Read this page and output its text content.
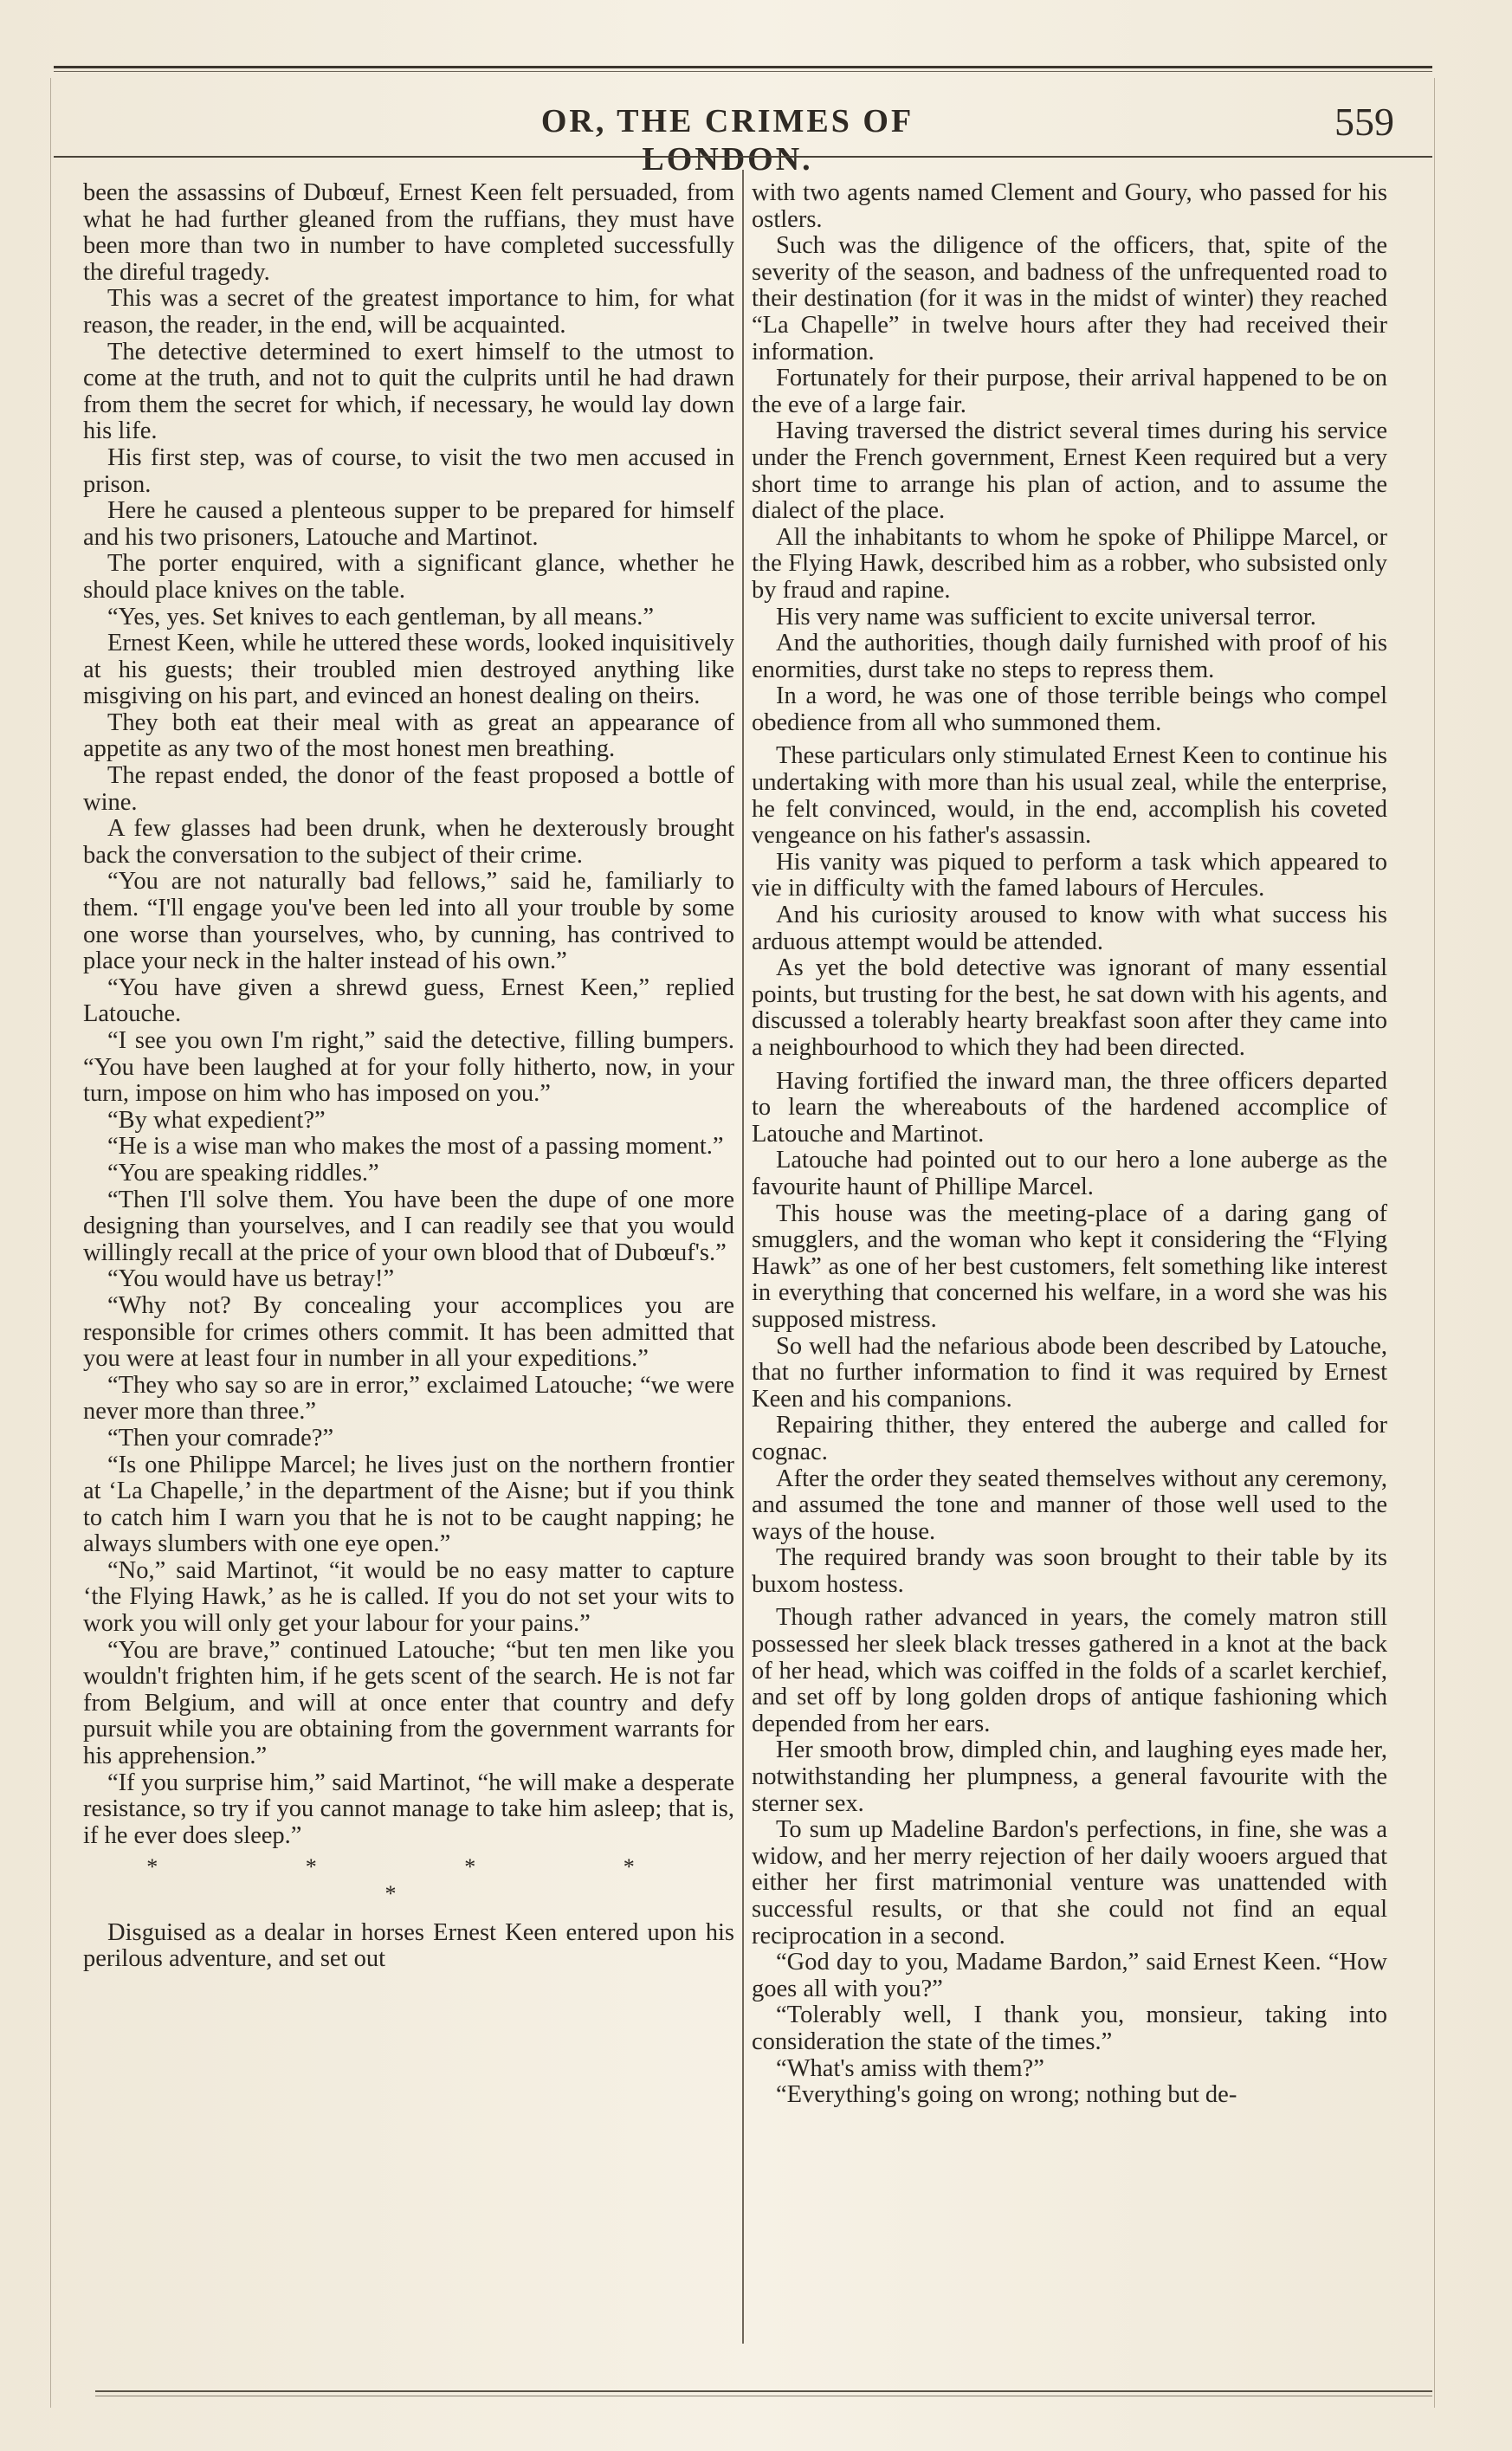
OR, THE CRIMES OF LONDON.
559

been the assassins of Dubœuf, Ernest Keen felt persuaded, from what he had further gleaned from the ruffians, they must have been more than two in number to have completed successfully the direful tragedy.

This was a secret of the greatest importance to him, for what reason, the reader, in the end, will be acquainted.

The detective determined to exert himself to the utmost to come at the truth, and not to quit the culprits until he had drawn from them the secret for which, if necessary, he would lay down his life.

His first step, was of course, to visit the two men accused in prison.

Here he caused a plenteous supper to be prepared for himself and his two prisoners, Latouche and Martinot.

The porter enquired, with a significant glance, whether he should place knives on the table.

“Yes, yes. Set knives to each gentleman, by all means.”

Ernest Keen, while he uttered these words, looked inquisitively at his guests; their troubled mien destroyed anything like misgiving on his part, and evinced an honest dealing on theirs.

They both eat their meal with as great an appearance of appetite as any two of the most honest men breathing.

The repast ended, the donor of the feast proposed a bottle of wine.

A few glasses had been drunk, when he dexterously brought back the conversation to the subject of their crime.

“You are not naturally bad fellows,” said he, familiarly to them. “I'll engage you've been led into all your trouble by some one worse than yourselves, who, by cunning, has contrived to place your neck in the halter instead of his own.”

“You have given a shrewd guess, Ernest Keen,” replied Latouche.

“I see you own I'm right,” said the detective, filling bumpers. “You have been laughed at for your folly hitherto, now, in your turn, impose on him who has imposed on you.”

“By what expedient?”

“He is a wise man who makes the most of a passing moment.”

“You are speaking riddles.”

“Then I'll solve them. You have been the dupe of one more designing than yourselves, and I can readily see that you would willingly recall at the price of your own blood that of Dubœuf's.”

“You would have us betray!”

“Why not? By concealing your accomplices you are responsible for crimes others commit. It has been admitted that you were at least four in number in all your expeditions.”

“They who say so are in error,” exclaimed Latouche; “we were never more than three.”

“Then your comrade?”

“Is one Philippe Marcel; he lives just on the northern frontier at ‘La Chapelle,’ in the department of the Aisne; but if you think to catch him I warn you that he is not to be caught napping; he always slumbers with one eye open.”

“No,” said Martinot, “it would be no easy matter to capture ‘the Flying Hawk,’ as he is called. If you do not set your wits to work you will only get your labour for your pains.”

“You are brave,” continued Latouche; “but ten men like you wouldn't frighten him, if he gets scent of the search. He is not far from Belgium, and will at once enter that country and defy pursuit while you are obtaining from the government warrants for his apprehension.”

“If you surprise him,” said Martinot, “he will make a desperate resistance, so try if you cannot manage to take him asleep; that is, if he ever does sleep.”

* * * * *

Disguised as a dealar in horses Ernest Keen entered upon his perilous adventure, and set out

with two agents named Clement and Goury, who passed for his ostlers.

Such was the diligence of the officers, that, spite of the severity of the season, and badness of the unfrequented road to their destination (for it was in the midst of winter) they reached “La Chapelle” in twelve hours after they had received their information.

Fortunately for their purpose, their arrival happened to be on the eve of a large fair.

Having traversed the district several times during his service under the French government, Ernest Keen required but a very short time to arrange his plan of action, and to assume the dialect of the place.

All the inhabitants to whom he spoke of Philippe Marcel, or the Flying Hawk, described him as a robber, who subsisted only by fraud and rapine.

His very name was sufficient to excite universal terror.

And the authorities, though daily furnished with proof of his enormities, durst take no steps to repress them.

In a word, he was one of those terrible beings who compel obedience from all who summoned them.

These particulars only stimulated Ernest Keen to continue his undertaking with more than his usual zeal, while the enterprise, he felt convinced, would, in the end, accomplish his coveted vengeance on his father's assassin.

His vanity was piqued to perform a task which appeared to vie in difficulty with the famed labours of Hercules.

And his curiosity aroused to know with what success his arduous attempt would be attended.

As yet the bold detective was ignorant of many essential points, but trusting for the best, he sat down with his agents, and discussed a tolerably hearty breakfast soon after they came into a neighbourhood to which they had been directed.

Having fortified the inward man, the three officers departed to learn the whereabouts of the hardened accomplice of Latouche and Martinot.

Latouche had pointed out to our hero a lone auberge as the favourite haunt of Phillipe Marcel.

This house was the meeting-place of a daring gang of smugglers, and the woman who kept it considering the “Flying Hawk” as one of her best customers, felt something like interest in everything that concerned his welfare, in a word she was his supposed mistress.

So well had the nefarious abode been described by Latouche, that no further information to find it was required by Ernest Keen and his companions.

Repairing thither, they entered the auberge and called for cognac.

After the order they seated themselves without any ceremony, and assumed the tone and manner of those well used to the ways of the house.

The required brandy was soon brought to their table by its buxom hostess.

Though rather advanced in years, the comely matron still possessed her sleek black tresses gathered in a knot at the back of her head, which was coiffed in the folds of a scarlet kerchief, and set off by long golden drops of antique fashioning which depended from her ears.

Her smooth brow, dimpled chin, and laughing eyes made her, notwithstanding her plumpness, a general favourite with the sterner sex.

To sum up Madeline Bardon's perfections, in fine, she was a widow, and her merry rejection of her daily wooers argued that either her first matrimonial venture was unattended with successful results, or that she could not find an equal reciprocation in a second.

“God day to you, Madame Bardon,” said Ernest Keen. “How goes all with you?”

“Tolerably well, I thank you, monsieur, taking into consideration the state of the times.”

“What's amiss with them?”

“Everything's going on wrong; nothing but de-
